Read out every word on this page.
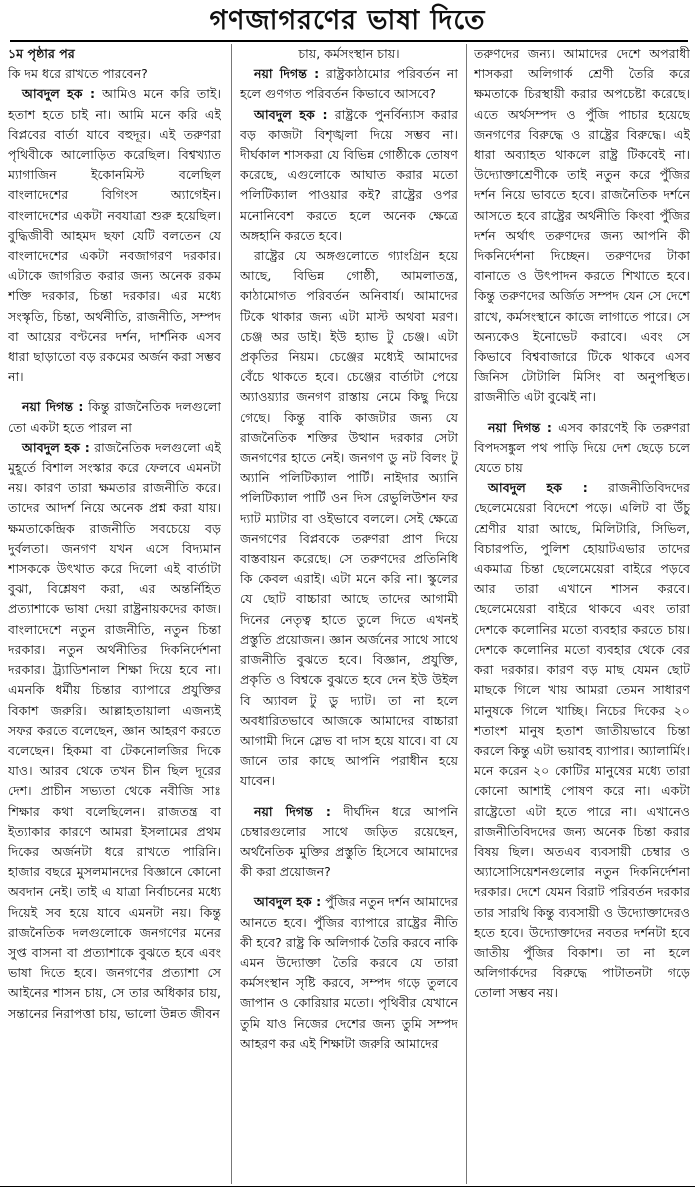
গণজাগরণের ভাষা দিতে

১ম পৃষ্ঠার পর

কি দম ধরে রাখতে পারবেন?

আবদুল হক : আমিও মনে করি তাই। হতাশ হতে চাই না। আমি মনে করি এই বিপ্লবের বার্তা যাবে বহুদূর। এই তরুণরা পৃথিবীকে আলোড়িত করেছিল। বিশ্বখ্যাত ম্যাগাজিন ইকোনমিস্ট বলেছিল বাংলাদেশের বিগিংস অ্যাগেইন। বাংলাদেশের একটা নবযাত্রা শুরু হয়েছিল। বুদ্ধিজীবী আহমদ ছফা যেটি বলতেন যে বাংলাদেশের একটা নবজাগরণ দরকার। এটাকে জাগরিত করার জন্য অনেক রকম শক্তি দরকার, চিন্তা দরকার। এর মধ্যে সংস্কৃতি, চিন্তা, অর্থনীতি, রাজনীতি, সম্পদ বা আয়ের বণ্টনের দর্শন, দার্শনিক এসব ধারা ছাড়াতো বড় রকমের অর্জন করা সম্ভব না।

নয়া দিগন্ত : কিন্তু রাজনৈতিক দলগুলো তো একটা হতে পারল না

আবদুল হক : রাজনৈতিক দলগুলো এই মুহূর্তে বিশাল সংস্কার করে ফেলবে এমনটা নয়। কারণ তারা ক্ষমতার রাজনীতি করে। তাদের আদর্শ নিয়ে অনেক প্রশ্ন করা যায়। ক্ষমতাকেন্দ্রিক রাজনীতি সবচেয়ে বড় দুর্বলতা। জনগণ যখন এসে বিদ্যমান শাসককে উৎখাত করে দিলো এই বার্তাটা বুঝা, বিশ্লেষণ করা, এর অন্তর্নিহিত প্রত্যাশাকে ভাষা দেয়া রাষ্ট্রনায়কদের কাজ। বাংলাদেশে নতুন রাজনীতি, নতুন চিন্তা দরকার। নতুন অর্থনীতির দিকনির্দেশনা দরকার। ট্র্যাডিশনাল শিক্ষা দিয়ে হবে না। এমনকি ধর্মীয় চিন্তার ব্যাপারে প্রযুক্তির বিকাশ জরুরি। আল্লাহতায়ালা এজন্যই সফর করতে বলেছেন, জ্ঞান আহরণ করতে বলেছেন। হিকমা বা টেকনোলজির দিকে যাও। আরব থেকে তখন চীন ছিল দূরের দেশ। প্রাচীন সভ্যতা থেকে নবীজি সাঃ শিক্ষার কথা বলেছিলেন। রাজতন্ত্র বা ইত্যাকার কারণে আমরা ইসলামের প্রথম দিকের অর্জনটা ধরে রাখতে পারিনি। হাজার বছরে মুসলমানদের বিজ্ঞানে কোনো অবদান নেই। তাই এ যাত্রা নির্বাচনের মধ্যে দিয়েই সব হয়ে যাবে এমনটা নয়। কিন্তু রাজনৈতিক দলগুলোকে জনগণের মনের সুপ্ত বাসনা বা প্রত্যাশাকে বুঝতে হবে এবং ভাষা দিতে হবে। জনগণের প্রত্যাশা সে আইনের শাসন চায়, সে তার অধিকার চায়, সন্তানের নিরাপত্তা চায়, ভালো উন্নত জীবন

চায়, কর্মসংস্থান চায়।

নয়া দিগন্ত : রাষ্ট্রকাঠামোর পরিবর্তন না হলে গুণগত পরিবর্তন কিভাবে আসবে?

আবদুল হক : রাষ্ট্রকে পুনর্বিন্যাস করার বড় কাজটা বিশৃঙ্খলা দিয়ে সম্ভব না। দীর্ঘকাল শাসকরা যে বিভিন্ন গোষ্ঠীকে তোষণ করেছে, এগুলোকে আঘাত করার মতো পলিটিক্যাল পাওয়ার কই? রাষ্ট্রের ওপর মনোনিবেশ করতে হলে অনেক ক্ষেত্রে অঙ্গহানি করতে হবে।

রাষ্ট্রের যে অঙ্গগুলোতে গ্যাংগ্রিন হয়ে আছে, বিভিন্ন গোষ্ঠী, আমলাতন্ত্র, কাঠামোগত পরিবর্তন অনিবার্য। আমাদের টিকে থাকার জন্য এটা মাস্ট অথবা মরণ। চেঞ্জ অর ডাই। ইউ হ্যাভ টু চেঞ্জ। এটা প্রকৃতির নিয়ম। চেঞ্জের মধ্যেই আমাদের বেঁচে থাকতে হবে। চেঞ্জের বার্তাটা পেয়ে অ্যাওয়্যার জনগণ রাস্তায় নেমে কিছু দিয়ে গেছে। কিন্তু বাকি কাজটার জন্য যে রাজনৈতিক শক্তির উত্থান দরকার সেটা জনগণের হাতে নেই। জনগণ ডু নট বিলং টু অ্যানি পলিটিক্যাল পার্টি। নাইদার অ্যানি পলিটিক্যাল পার্টি ওন দিস রেভুলিউশন ফর দ্যাট ম্যাটার বা ওইভাবে বললে। সেই ক্ষেত্রে জনগণের বিপ্লবকে তরুণরা প্রাণ দিয়ে বাস্তবায়ন করেছে। সে তরুণদের প্রতিনিধি কি কেবল এরাই। এটা মনে করি না। স্কুলের যে ছোট বাচ্চারা আছে তাদের আগামী দিনের নেতৃত্ব হাতে তুলে দিতে এখনই প্রস্তুতি প্রয়োজন। জ্ঞান অর্জনের সাথে সাথে রাজনীতি বুঝতে হবে। বিজ্ঞান, প্রযুক্তি, প্রকৃতি ও বিশ্বকে বুঝতে হবে দেন ইউ উইল বি অ্যাবল টু ডু দ্যাট। তা না হলে অবধারিতভাবে আজকে আমাদের বাচ্চারা আগামী দিনে স্লেভ বা দাস হয়ে যাবে। বা যে জানে তার কাছে আপনি পরাধীন হয়ে যাবেন।

নয়া দিগন্ত : দীর্ঘদিন ধরে আপনি চেম্বারগুলোর সাথে জড়িত রয়েছেন, অর্থনৈতিক মুক্তির প্রস্তুতি হিসেবে আমাদের কী করা প্রয়োজন?

আবদুল হক : পুঁজির নতুন দর্শন আমাদের আনতে হবে। পুঁজির ব্যাপারে রাষ্ট্রের নীতি কী হবে? রাষ্ট্র কি অলিগার্ক তৈরি করবে নাকি এমন উদ্যোক্তা তৈরি করবে যে তারা কর্মসংস্থান সৃষ্টি করবে, সম্পদ গড়ে তুলবে জাপান ও কোরিয়ার মতো। পৃথিবীর যেখানে তুমি যাও নিজের দেশের জন্য তুমি সম্পদ আহরণ কর এই শিক্ষাটা জরুরি আমাদের

তরুণদের জন্য। আমাদের দেশে অপরাধী শাসকরা অলিগার্ক শ্রেণী তৈরি করে ক্ষমতাকে চিরস্থায়ী করার অপচেষ্টা করেছে। এতে অর্থসম্পদ ও পুঁজি পাচার হয়েছে জনগণের বিরুদ্ধে ও রাষ্ট্রের বিরুদ্ধে। এই ধারা অব্যাহত থাকলে রাষ্ট্র টিকবেই না। উদ্যোক্তাশ্রেণীকে তাই নতুন করে পুঁজির দর্শন নিয়ে ভাবতে হবে। রাজনৈতিক দর্শনে আসতে হবে রাষ্ট্রের অর্থনীতি কিংবা পুঁজির দর্শন অর্থাৎ তরুণদের জন্য আপনি কী দিকনির্দেশনা দিচ্ছেন। তরুণদের টাকা বানাতে ও উৎপাদন করতে শিখাতে হবে। কিন্তু তরুণদের অর্জিত সম্পদ যেন সে দেশে রাখে, কর্মসংস্থানে কাজে লাগাতে পারে। সে অন্যকেও ইনোভেট করাবে। এবং সে কিভাবে বিশ্ববাজারে টিকে থাকবে এসব জিনিস টোটালি মিসিং বা অনুপস্থিত। রাজনীতি এটা বুঝেই না।

নয়া দিগন্ত : এসব কারণেই কি তরুণরা বিপদসঙ্কুল পথ পাড়ি দিয়ে দেশ ছেড়ে চলে যেতে চায়

আবদুল হক : রাজনীতিবিদদের ছেলেমেয়েরা বিদেশে পড়ে। এলিট বা উঁচু শ্রেণীর যারা আছে, মিলিটারি, সিভিল, বিচারপতি, পুলিশ হোয়াটএভার তাদের একমাত্র চিন্তা ছেলেমেয়েরা বাইরে পড়বে আর তারা এখানে শাসন করবে। ছেলেমেয়েরা বাইরে থাকবে এবং তারা দেশকে কলোনির মতো ব্যবহার করতে চায়। দেশকে কলোনির মতো ব্যবহার থেকে বের করা দরকার। কারণ বড় মাছ যেমন ছোট মাছকে গিলে খায় আমরা তেমন সাধারণ মানুষকে গিলে খাচ্ছি। নিচের দিকের ২০ শতাংশ মানুষ হতাশ জাতীয়ভাবে চিন্তা করলে কিন্তু এটা ভয়াবহ ব্যাপার। অ্যালার্মিং। মনে করেন ২০ কোটির মানুষের মধ্যে তারা কোনো আশাই পোষণ করে না। একটা রাষ্ট্রেতো এটা হতে পারে না। এখানেও রাজনীতিবিদদের জন্য অনেক চিন্তা করার বিষয় ছিল। অতএব ব্যবসায়ী চেম্বার ও অ্যাসোসিয়েশনগুলোর নতুন দিকনির্দেশনা দরকার। দেশে যেমন বিরাট পরিবর্তন দরকার তার সারথি কিন্তু ব্যবসায়ী ও উদ্যোক্তাদেরও হতে হবে। উদ্যোক্তাদের নবতর দর্শনটা হবে জাতীয় পুঁজির বিকাশ। তা না হলে অলিগার্কদের বিরুদ্ধে পাটাতনটা গড়ে তোলা সম্ভব নয়।
